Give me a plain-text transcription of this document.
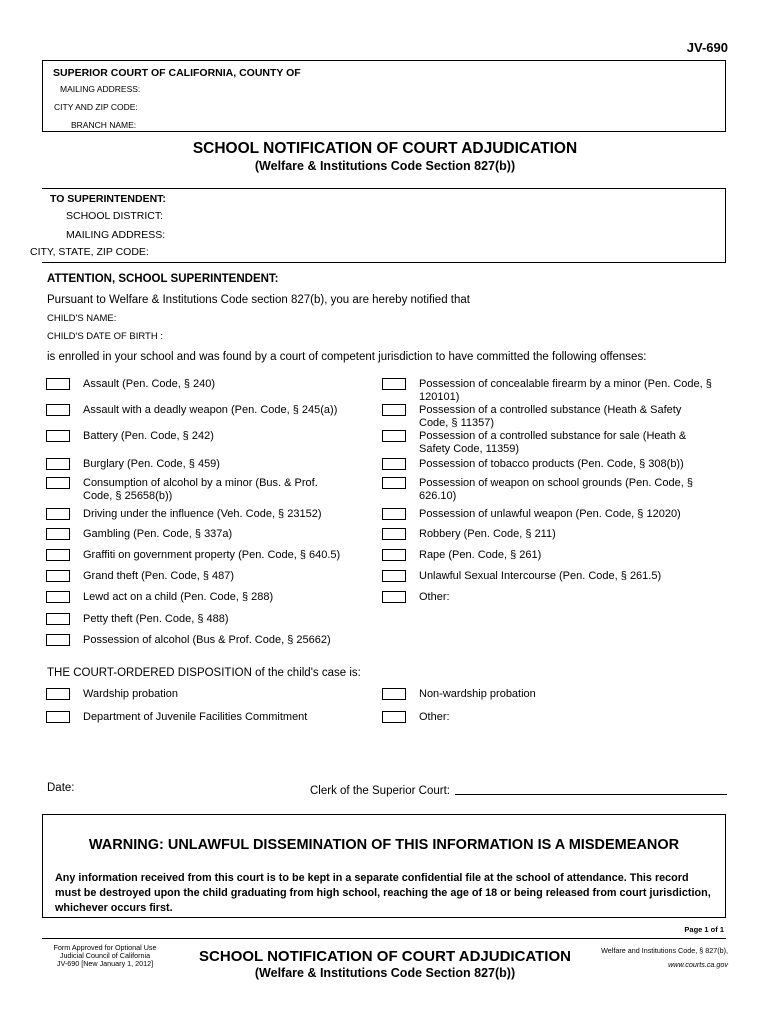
JV-690
SUPERIOR COURT OF CALIFORNIA, COUNTY OF
MAILING ADDRESS:
CITY AND ZIP CODE:
BRANCH NAME:
SCHOOL NOTIFICATION OF COURT ADJUDICATION
(Welfare & Institutions Code Section 827(b))
TO SUPERINTENDENT:
SCHOOL DISTRICT:
MAILING ADDRESS:
CITY, STATE, ZIP CODE:
ATTENTION, SCHOOL SUPERINTENDENT:
Pursuant to Welfare & Institutions Code section 827(b), you are hereby notified that
CHILD'S NAME:
CHILD'S DATE OF BIRTH :
is enrolled in your school and was found by a court of competent jurisdiction to have committed the following offenses:
Assault (Pen. Code, § 240)
Assault with a deadly weapon (Pen. Code, § 245(a))
Battery (Pen. Code, § 242)
Burglary (Pen. Code, § 459)
Consumption of alcohol by a minor (Bus. & Prof. Code, § 25658(b))
Driving under the influence (Veh. Code, § 23152)
Gambling (Pen. Code, § 337a)
Graffiti on government property (Pen. Code, § 640.5)
Grand theft (Pen. Code, § 487)
Lewd act on a child (Pen. Code, § 288)
Petty theft (Pen. Code, § 488)
Possession of alcohol (Bus & Prof. Code, § 25662)
Possession of concealable firearm by a minor (Pen. Code, § 120101)
Possession of a controlled substance (Heath & Safety Code, § 11357)
Possession of a controlled substance for sale (Heath & Safety Code, 11359)
Possession of tobacco products (Pen. Code, § 308(b))
Possession of weapon on school grounds (Pen. Code, § 626.10)
Possession of unlawful weapon (Pen. Code, § 12020)
Robbery (Pen. Code, § 211)
Rape (Pen. Code, § 261)
Unlawful Sexual Intercourse (Pen. Code, § 261.5)
Other:
THE COURT-ORDERED DISPOSITION of the child's case is:
Wardship probation	Non-wardship probation
Department of Juvenile Facilities Commitment	Other:
Date:	Clerk of the Superior Court:
WARNING: UNLAWFUL DISSEMINATION OF THIS INFORMATION IS A MISDEMEANOR
Any information received from this court is to be kept in a separate confidential file at the school of attendance. This record must be destroyed upon the child graduating from high school, reaching the age of 18 or being released from court jurisdiction, whichever occurs first.
Page 1 of 1
Form Approved for Optional Use
Judicial Council of California
JV-690 [New January 1, 2012]	SCHOOL NOTIFICATION OF COURT ADJUDICATION
(Welfare & Institutions Code Section 827(b))
Welfare and Institutions Code, § 827(b),
www.courts.ca.gov
